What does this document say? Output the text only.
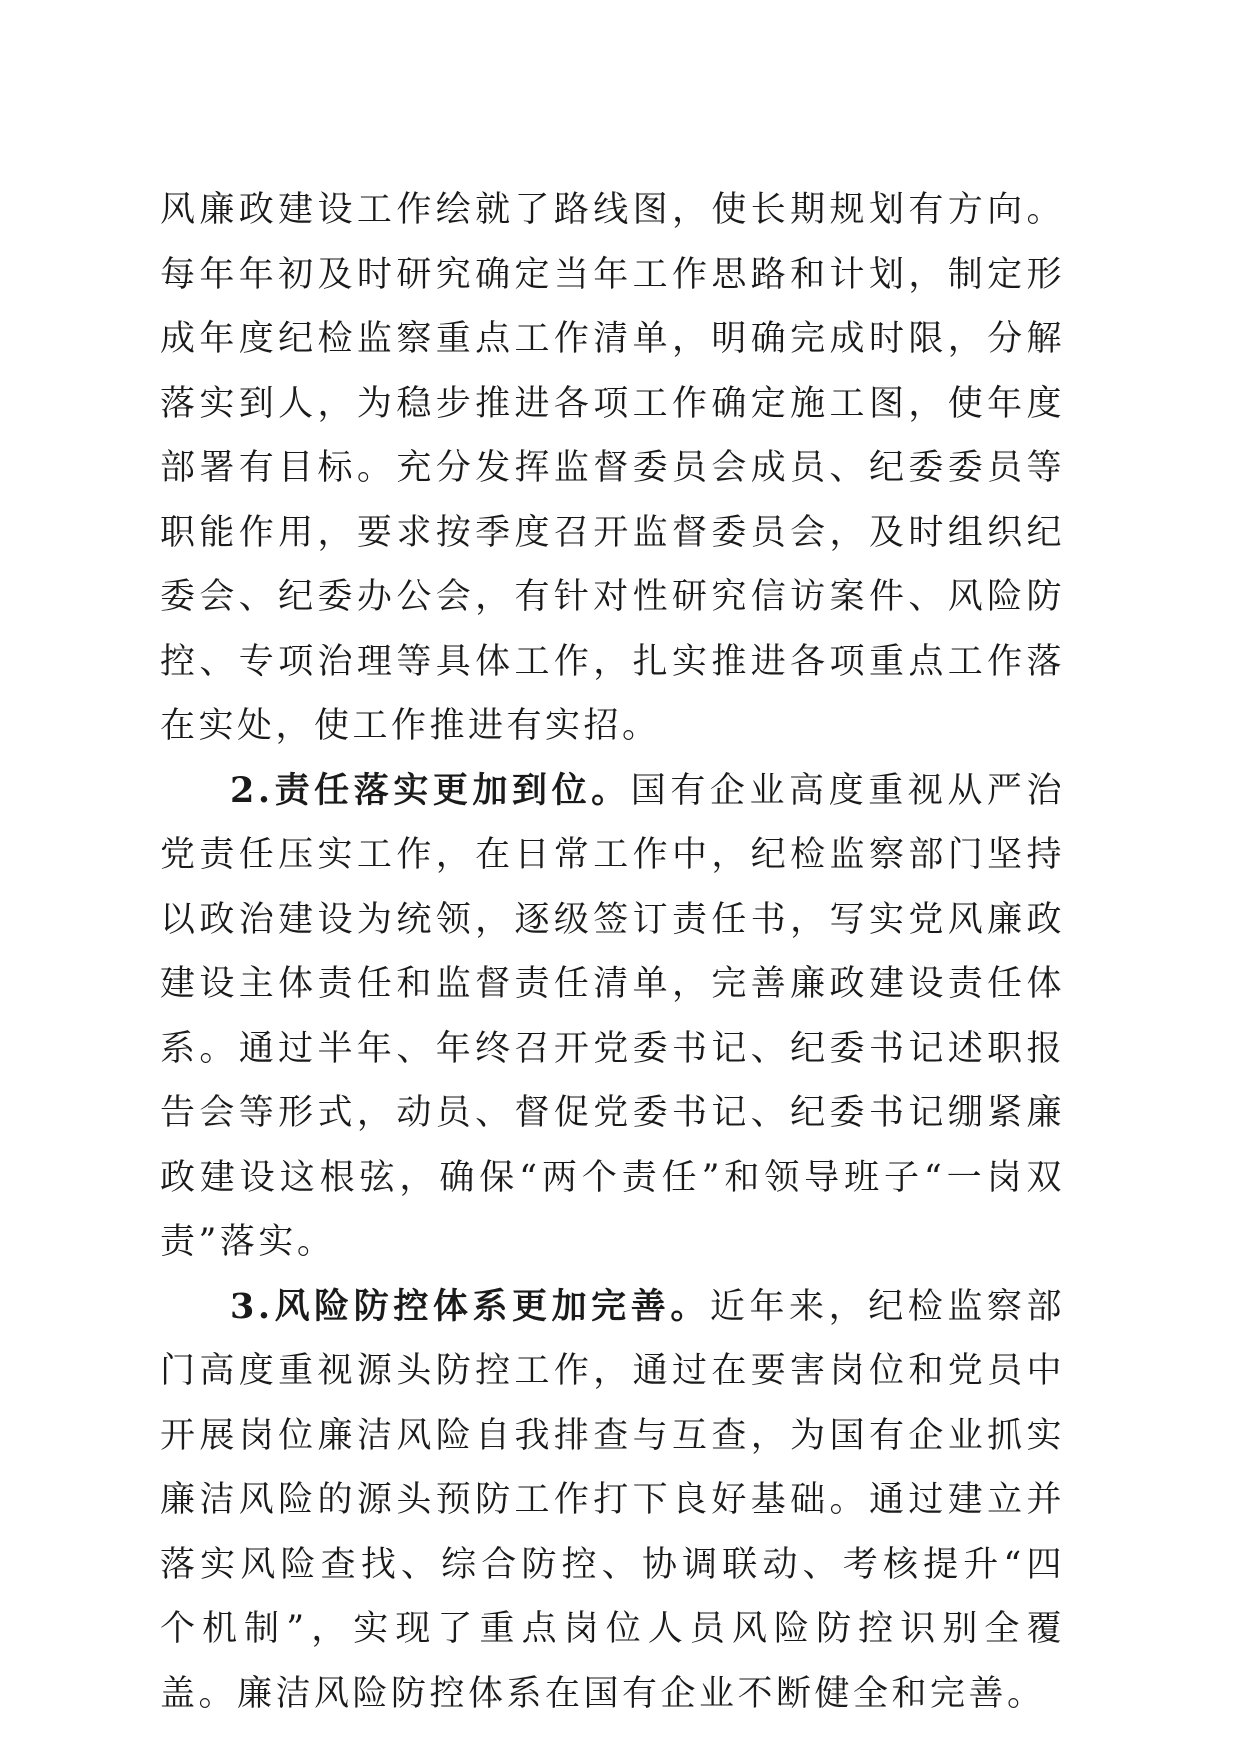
风廉政建设工作绘就了路线图，使长期规划有方向。每年年初及时研究确定当年工作思路和计划，制定形成年度纪检监察重点工作清单，明确完成时限，分解落实到人，为稳步推进各项工作确定施工图，使年度部署有目标。充分发挥监督委员会成员、纪委委员等职能作用，要求按季度召开监督委员会，及时组织纪委会、纪委办公会，有针对性研究信访案件、风险防控、专项治理等具体工作，扎实推进各项重点工作落在实处，使工作推进有实招。

2.责任落实更加到位。国有企业高度重视从严治党责任压实工作，在日常工作中，纪检监察部门坚持以政治建设为统领，逐级签订责任书，写实党风廉政建设主体责任和监督责任清单，完善廉政建设责任体系。通过半年、年终召开党委书记、纪委书记述职报告会等形式，动员、督促党委书记、纪委书记绷紧廉政建设这根弦，确保“两个责任”和领导班子“一岗双责”落实。

3.风险防控体系更加完善。近年来，纪检监察部门高度重视源头防控工作，通过在要害岗位和党员中开展岗位廉洁风险自我排查与互查，为国有企业抓实廉洁风险的源头预防工作打下良好基础。通过建立并落实风险查找、综合防控、协调联动、考核提升“四个机制”，实现了重点岗位人员风险防控识别全覆盖。廉洁风险防控体系在国有企业不断健全和完善。
